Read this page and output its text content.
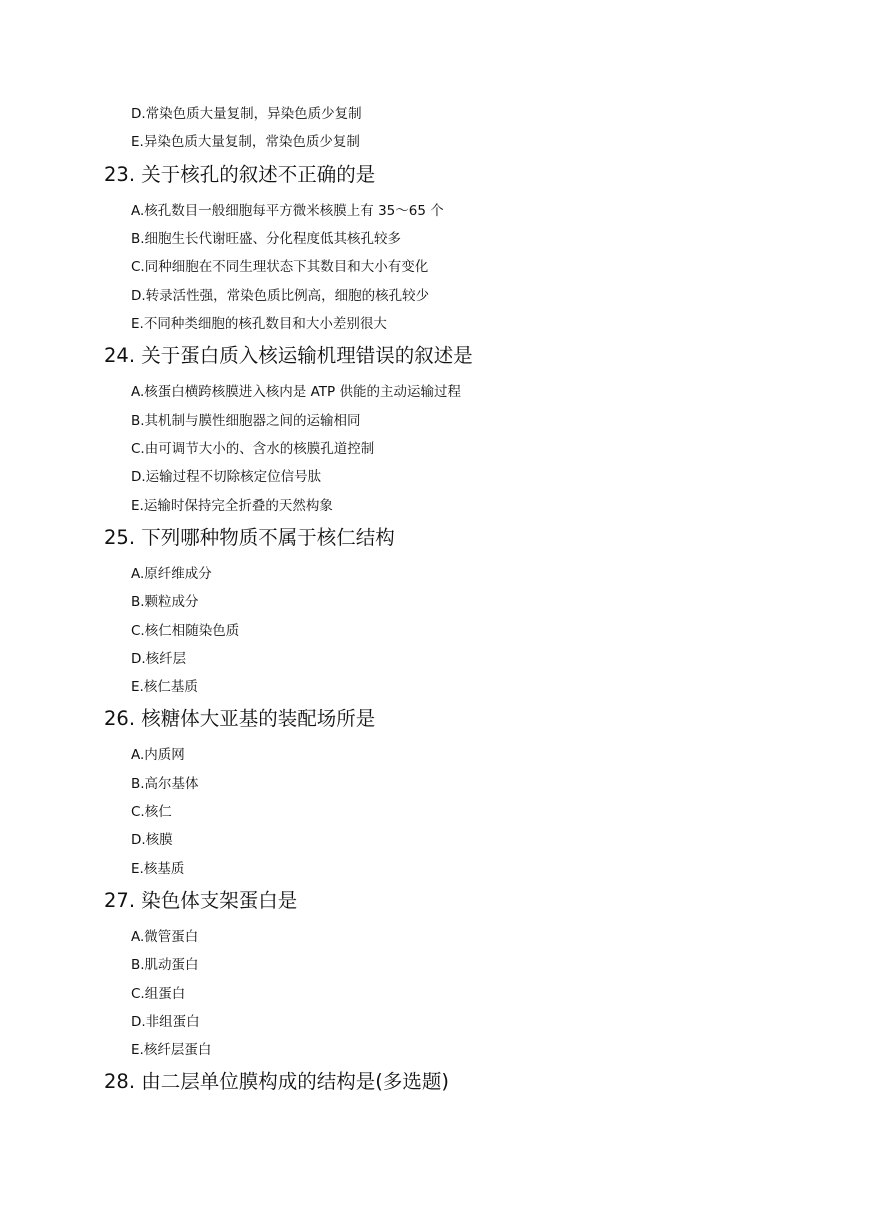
D.常染色质大量复制，异染色质少复制
E.异染色质大量复制，常染色质少复制
23. 关于核孔的叙述不正确的是
A.核孔数目一般细胞每平方微米核膜上有 35～65 个
B.细胞生长代谢旺盛、分化程度低其核孔较多
C.同种细胞在不同生理状态下其数目和大小有变化
D.转录活性强，常染色质比例高，细胞的核孔较少
E.不同种类细胞的核孔数目和大小差别很大
24. 关于蛋白质入核运输机理错误的叙述是
A.核蛋白横跨核膜进入核内是 ATP 供能的主动运输过程
B.其机制与膜性细胞器之间的运输相同
C.由可调节大小的、含水的核膜孔道控制
D.运输过程不切除核定位信号肽
E.运输时保持完全折叠的天然构象
25. 下列哪种物质不属于核仁结构
A.原纤维成分
B.颗粒成分
C.核仁相随染色质
D.核纤层
E.核仁基质
26. 核糖体大亚基的装配场所是
A.内质网
B.高尔基体
C.核仁
D.核膜
E.核基质
27. 染色体支架蛋白是
A.微管蛋白
B.肌动蛋白
C.组蛋白
D.非组蛋白
E.核纤层蛋白
28. 由二层单位膜构成的结构是(多选题)
